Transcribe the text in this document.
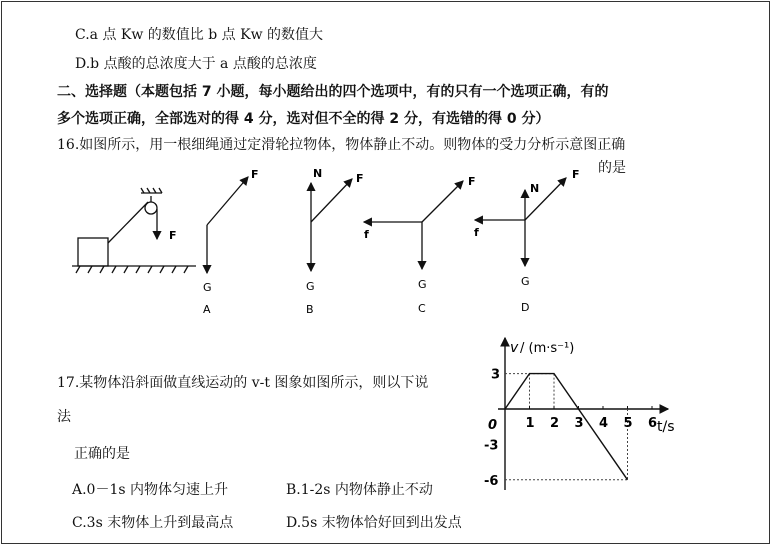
C.a 点 Kw 的数值比 b 点 Kw 的数值大
D.b 点酸的总浓度大于 a 点酸的总浓度
二、选择题（本题包括 7 小题，每小题给出的四个选项中，有的只有一个选项正确，有的
多个选项正确，全部选对的得 4 分，选对但不全的得 2 分，有选错的得 0 分）
16.如图所示，用一根细绳通过定滑轮拉物体，物体静止不动。则物体的受力分析示意图正确
的是
F
F
G
A
N	F
G
B
F
f
G
C
N
F
f
G
D
17.某物体沿斜面做直线运动的 v-t 图象如图所示，则以下说
法
正确的是
A.0－1s 内物体匀速上升	B.1-2s 内物体静止不动
C.3s 末物体上升到最高点	D.5s 末物体恰好回到出发点
v / (m·s⁻¹)
t/s
0 1 2 3 4 5 6
3
-3
-6
